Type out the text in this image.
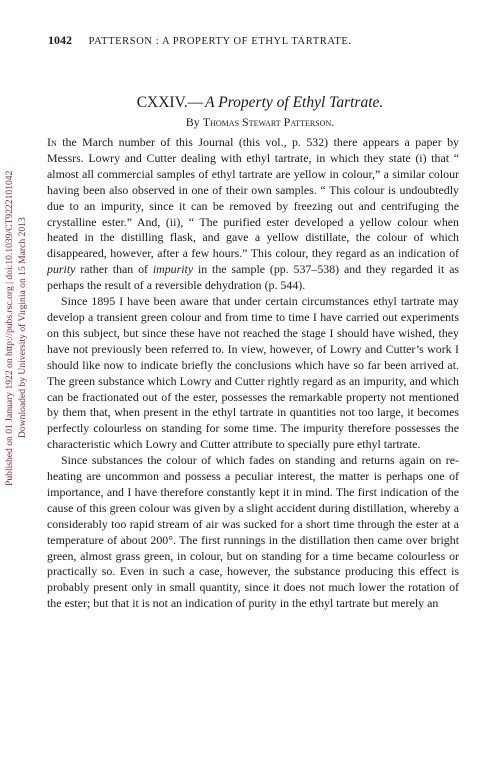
1042 PATTERSON : A PROPERTY OF ETHYL TARTRATE.
Published on 01 January 1922 on http://pubs.rsc.org | doi:10.1039/CT9222101042 Downloaded by University of Virginia on 15 March 2013
CXXIV.— A Property of Ethyl Tartrate.
By Thomas Stewart Patterson.

In the March number of this Journal (this vol., p. 532) there appears a paper by Messrs. Lowry and Cutter dealing with ethyl tartrate, in which they state (i) that “ almost all commercial samples of ethyl tartrate are yellow in colour,” a similar colour having been also observed in one of their own samples. “ This colour is undoubtedly due to an impurity, since it can be removed by freezing out and centrifuging the crystalline ester.” And, (ii), “ The purified ester developed a yellow colour when heated in the distilling flask, and gave a yellow distillate, the colour of which disappeared, however, after a few hours.” This colour, they regard as an indication of purity rather than of impurity in the sample (pp. 537–538) and they regarded it as perhaps the result of a reversible dehydration (p. 544).

Since 1895 I have been aware that under certain circumstances ethyl tartrate may develop a transient green colour and from time to time I have carried out experiments on this subject, but since these have not reached the stage I should have wished, they have not previously been referred to. In view, however, of Lowry and Cutter’s work I should like now to indicate briefly the conclusions which have so far been arrived at. The green substance which Lowry and Cutter rightly regard as an impurity, and which can be fractionated out of the ester, possesses the remarkable property not mentioned by them that, when present in the ethyl tartrate in quantities not too large, it becomes perfectly colourless on standing for some time. The impurity therefore possesses the characteristic which Lowry and Cutter attribute to specially pure ethyl tartrate.

Since substances the colour of which fades on standing and returns again on re-heating are uncommon and possess a peculiar interest, the matter is perhaps one of importance, and I have therefore constantly kept it in mind. The first indication of the cause of this green colour was given by a slight accident during distillation, whereby a considerably too rapid stream of air was sucked for a short time through the ester at a temperature of about 200°. The first runnings in the distillation then came over bright green, almost grass green, in colour, but on standing for a time became colourless or practically so. Even in such a case, however, the substance producing this effect is probably present only in small quantity, since it does not much lower the rotation of the ester; but that it is not an indication of purity in the ethyl tartrate but merely an
